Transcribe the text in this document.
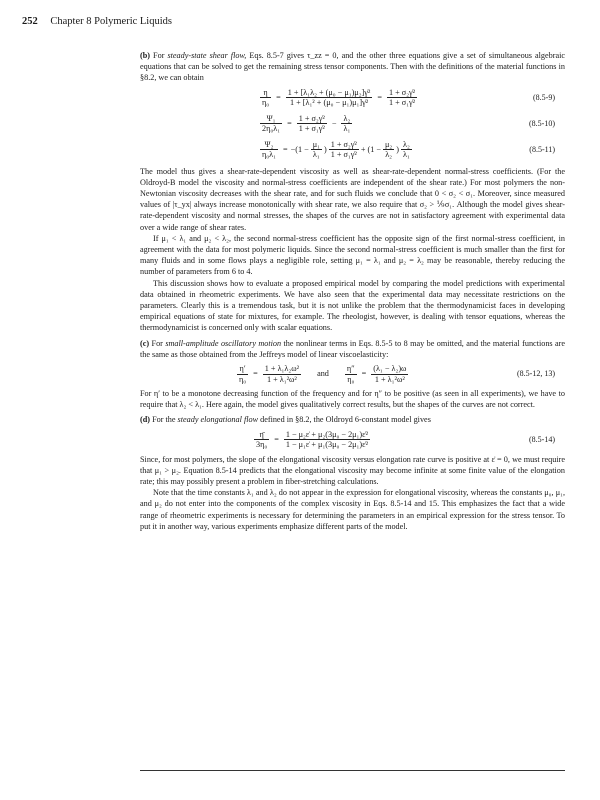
252 Chapter 8 Polymeric Liquids

(b) For steady-state shear flow, Eqs. 8.5-7 gives τ_zz = 0, and the other three equations give a set of simultaneous algebraic equations that can be solved to get the remaining stress tensor components. Then with the definitions of the material functions in §8.2, we can obtain

$\frac{\eta}{\text{η₀}} = \frac{\text{1 + [λ₁λ₂ + (μ₀ − μ₁)μ₂]γ̇²}}{\text{1 + [λ₁² + (μ₀ − μ₁)μ₁]γ̇²}} = \frac{\text{1 + σ₂γ̇²}}{\text{1 + σ₁γ̇²}}$	(8.5-9)
$\frac{\text{Ψ₁}}{\text{2η₀λ₁}} = \frac{\text{1 + σ₂γ̇²}}{\text{1 + σ₁γ̇²}} - \frac{\text{λ₂}}{\text{λ₁}}$	(8.5-10)
$\frac{\text{Ψ₂}}{\text{η₀λ₁}} = -(1 - \frac{\text{μ₁}}{\text{λ₁}}$ ) $\frac{\text{1 + σ₂γ̇²}}{\text{1 + σ₁γ̇²}} + (1 - \frac{\text{μ₂}}{\text{λ₂}}$ ) $\frac{\text{λ₂}}{\text{λ₁}}$	(8.5-11)

The model thus gives a shear-rate-dependent viscosity as well as shear-rate-dependent normal-stress coefficients. (For the Oldroyd-B model the viscosity and normal-stress coefficients are independent of the shear rate.) For most polymers the non-Newtonian viscosity decreases with the shear rate, and for such fluids we conclude that 0 < σ₂ < σ₁. Moreover, since measured values of |τ_yx| always increase monotonically with shear rate, we also require that σ₂ > ⅑σ₁. Although the model gives shear-rate-dependent viscosity and normal stresses, the shapes of the curves are not in satisfactory agreement with experimental data over a wide range of shear rates.

If μ₁ < λ₁ and μ₂ < λ₂, the second normal-stress coefficient has the opposite sign of the first normal-stress coefficient, in agreement with the data for most polymeric liquids. Since the second normal-stress coefficient is much smaller than the first for many fluids and in some flows plays a negligible role, setting μ₁ = λ₁ and μ₂ = λ₂ may be reasonable, thereby reducing the number of parameters from 6 to 4.

This discussion shows how to evaluate a proposed empirical model by comparing the model predictions with experimental data obtained in rheometric experiments. We have also seen that the experimental data may necessitate restrictions on the parameters. Clearly this is a tremendous task, but it is not unlike the problem that the thermodynamicist faces in developing empirical equations of state for mixtures, for example. The rheologist, however, is dealing with tensor equations, whereas the thermodynamicist is concerned only with scalar equations.

(c) For small-amplitude oscillatory motion the nonlinear terms in Eqs. 8.5-5 to 8 may be omitted, and the material functions are the same as those obtained from the Jeffreys model of linear viscoelasticity:

$\frac{\eta'}{\text{η₀}} = \frac{\text{1 + λ₁λ₂ω²}}{\text{1 + λ₁²ω²}}$ and $\frac{\eta''}{\text{η₀}} = \frac{\text{(λ₁ − λ₂)ω}}{\text{1 + λ₁²ω²}}$	(8.5-12, 13)

For η′ to be a monotone decreasing function of the frequency and for η″ to be positive (as seen in all experiments), we have to require that λ₂ < λ₁. Here again, the model gives qualitatively correct results, but the shapes of the curves are not correct.

(d) For the steady elongational flow defined in §8.2, the Oldroyd 6-constant model gives

$\frac{\etā}{\text{3η₀}} = \frac{\text{1 − μ₂ε̇ + μ₂(3μ₀ − 2μ₁)ε̇²}}{\text{1 − μ₁ε̇ + μ₁(3μ₀ − 2μ₁)ε̇²}}$	(8.5-14)

Since, for most polymers, the slope of the elongational viscosity versus elongation rate curve is positive at ε̇ = 0, we must require that μ₁ > μ₂. Equation 8.5-14 predicts that the elongational viscosity may become infinite at some finite value of the elongation rate; this may possibly present a problem in fiber-stretching calculations.

Note that the time constants λ₁ and λ₂ do not appear in the expression for elongational viscosity, whereas the constants μ₀, μ₁, and μ₂ do not enter into the components of the complex viscosity in Eqs. 8.5-14 and 15. This emphasizes the fact that a wide range of rheometric experiments is necessary for determining the parameters in an empirical expression for the stress tensor. To put it in another way, various experiments emphasize different parts of the model.
